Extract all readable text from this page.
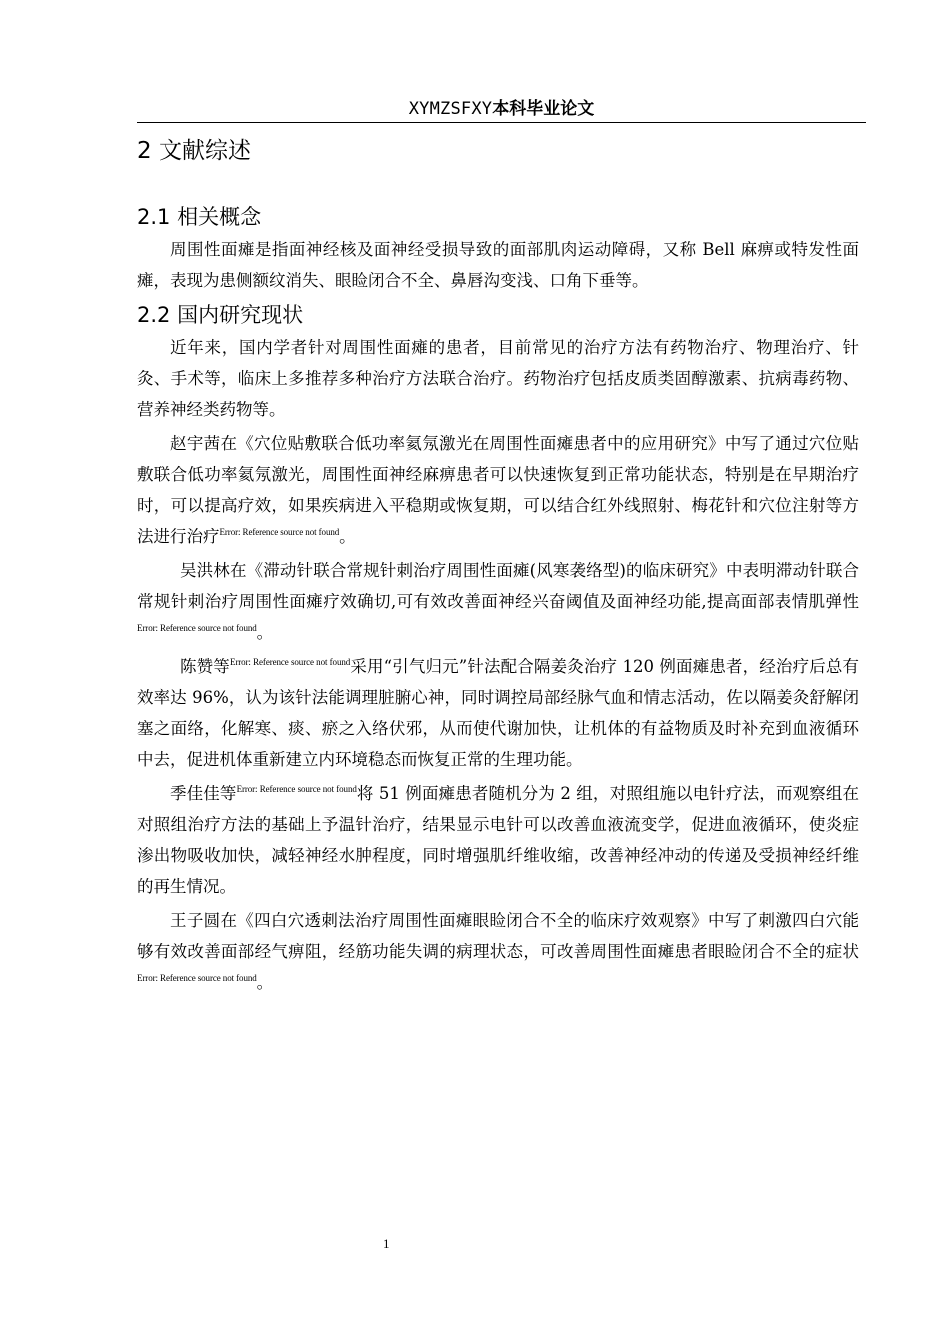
XYMZSFXY本科毕业论文
2 文献综述
2.1 相关概念

周围性面瘫是指面神经核及面神经受损导致的面部肌肉运动障碍，又称 Bell 麻痹或特发性面瘫，表现为患侧额纹消失、眼睑闭合不全、鼻唇沟变浅、口角下垂等。

2.2 国内研究现状

近年来，国内学者针对周围性面瘫的患者，目前常见的治疗方法有药物治疗、物理治疗、针灸、手术等，临床上多推荐多种治疗方法联合治疗。药物治疗包括皮质类固醇激素、抗病毒药物、营养神经类药物等。

赵宇茜在《穴位贴敷联合低功率氦氖激光在周围性面瘫患者中的应用研究》中写了通过穴位贴敷联合低功率氦氖激光，周围性面神经麻痹患者可以快速恢复到正常功能状态，特别是在早期治疗时，可以提高疗效，如果疾病进入平稳期或恢复期，可以结合红外线照射、梅花针和穴位注射等方法进行治疗$^{Error: Reference source not found}$。

吴洪林在《滞动针联合常规针刺治疗周围性面瘫(风寒袭络型)的临床研究》中表明滞动针联合常规针刺治疗周围性面瘫疗效确切,可有效改善面神经兴奋阈值及面神经功能,提高面部表情肌弹性$^{Error: Reference source not found}$。

陈赞等$^{Error: Reference source not found}$采用“引气归元”针法配合隔姜灸治疗 120 例面瘫患者，经治疗后总有效率达 96%，认为该针法能调理脏腑心神，同时调控局部经脉气血和情志活动，佐以隔姜灸舒解闭塞之面络，化解寒、痰、瘀之入络伏邪，从而使代谢加快，让机体的有益物质及时补充到血液循环中去，促进机体重新建立内环境稳态而恢复正常的生理功能。

季佳佳等$^{Error: Reference source not found}$将 51 例面瘫患者随机分为 2 组，对照组施以电针疗法，而观察组在对照组治疗方法的基础上予温针治疗，结果显示电针可以改善血液流变学，促进血液循环，使炎症渗出物吸收加快，减轻神经水肿程度，同时增强肌纤维收缩，改善神经冲动的传递及受损神经纤维的再生情况。

王子圆在《四白穴透刺法治疗周围性面瘫眼睑闭合不全的临床疗效观察》中写了刺激四白穴能够有效改善面部经气痹阻，经筋功能失调的病理状态，可改善周围性面瘫患者眼睑闭合不全的症状$^{Error: Reference source not found}$。

1
